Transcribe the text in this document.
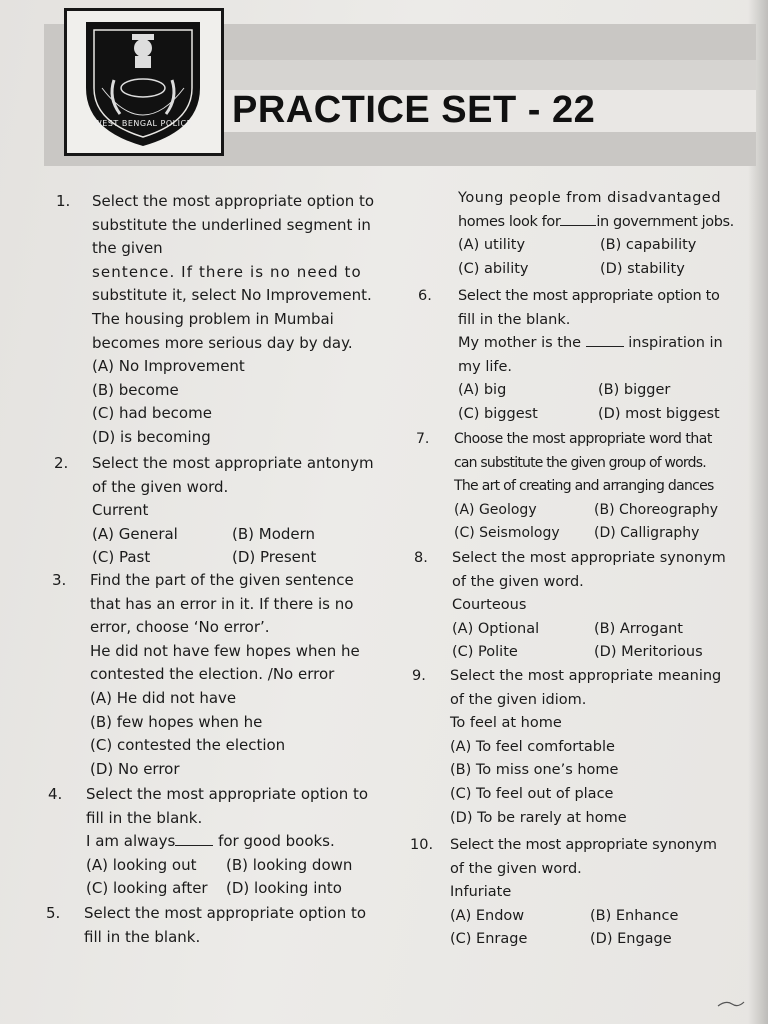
WEST BENGAL POLICE PRACTICE SET - 22
1. Select the most appropriate option to
substitute the underlined segment in
the given
sentence. If there is no need to
substitute it, select No Improvement.
The housing problem in Mumbai
becomes more serious day by day.
(A) No Improvement
(B) become
(C) had become
(D) is becoming
2. Select the most appropriate antonym
of the given word.
Current
(A) General	(B) Modern
(C) Past	(D) Present
3. Find the part of the given sentence
that has an error in it. If there is no
error, choose ‘No error’.
He did not have few hopes when he
contested the election. /No error
(A) He did not have
(B) few hopes when he
(C) contested the election
(D) No error
4. Select the most appropriate option to
fill in the blank.
I am always	for good books.
(A) looking out (B) looking down
(C) looking after (D) looking into
5. Select the most appropriate option to
fill in the blank.
Young people from disadvantaged
homes look for in government jobs.
(A) utility	(B) capability
(C) ability	(D) stability
6. Select the most appropriate option to
fill in the blank.
My mother is the	inspiration in
my life.
(A) big	(B) bigger
(C) biggest	(D) most biggest
7. Choose the most appropriate word that
can substitute the given group of words.
The art of creating and arranging dances
(A) Geology	(B) Choreography
(C) Seismology (D) Calligraphy
8. Select the most appropriate synonym
of the given word.
Courteous
(A) Optional	(B) Arrogant
(C) Polite	(D) Meritorious
9. Select the most appropriate meaning
of the given idiom.
To feel at home
(A) To feel comfortable
(B) To miss one’s home
(C) To feel out of place
(D) To be rarely at home
10. Select the most appropriate synonym
of the given word.
Infuriate
(A) Endow	(B) Enhance
(C) Enrage	(D) Engage
